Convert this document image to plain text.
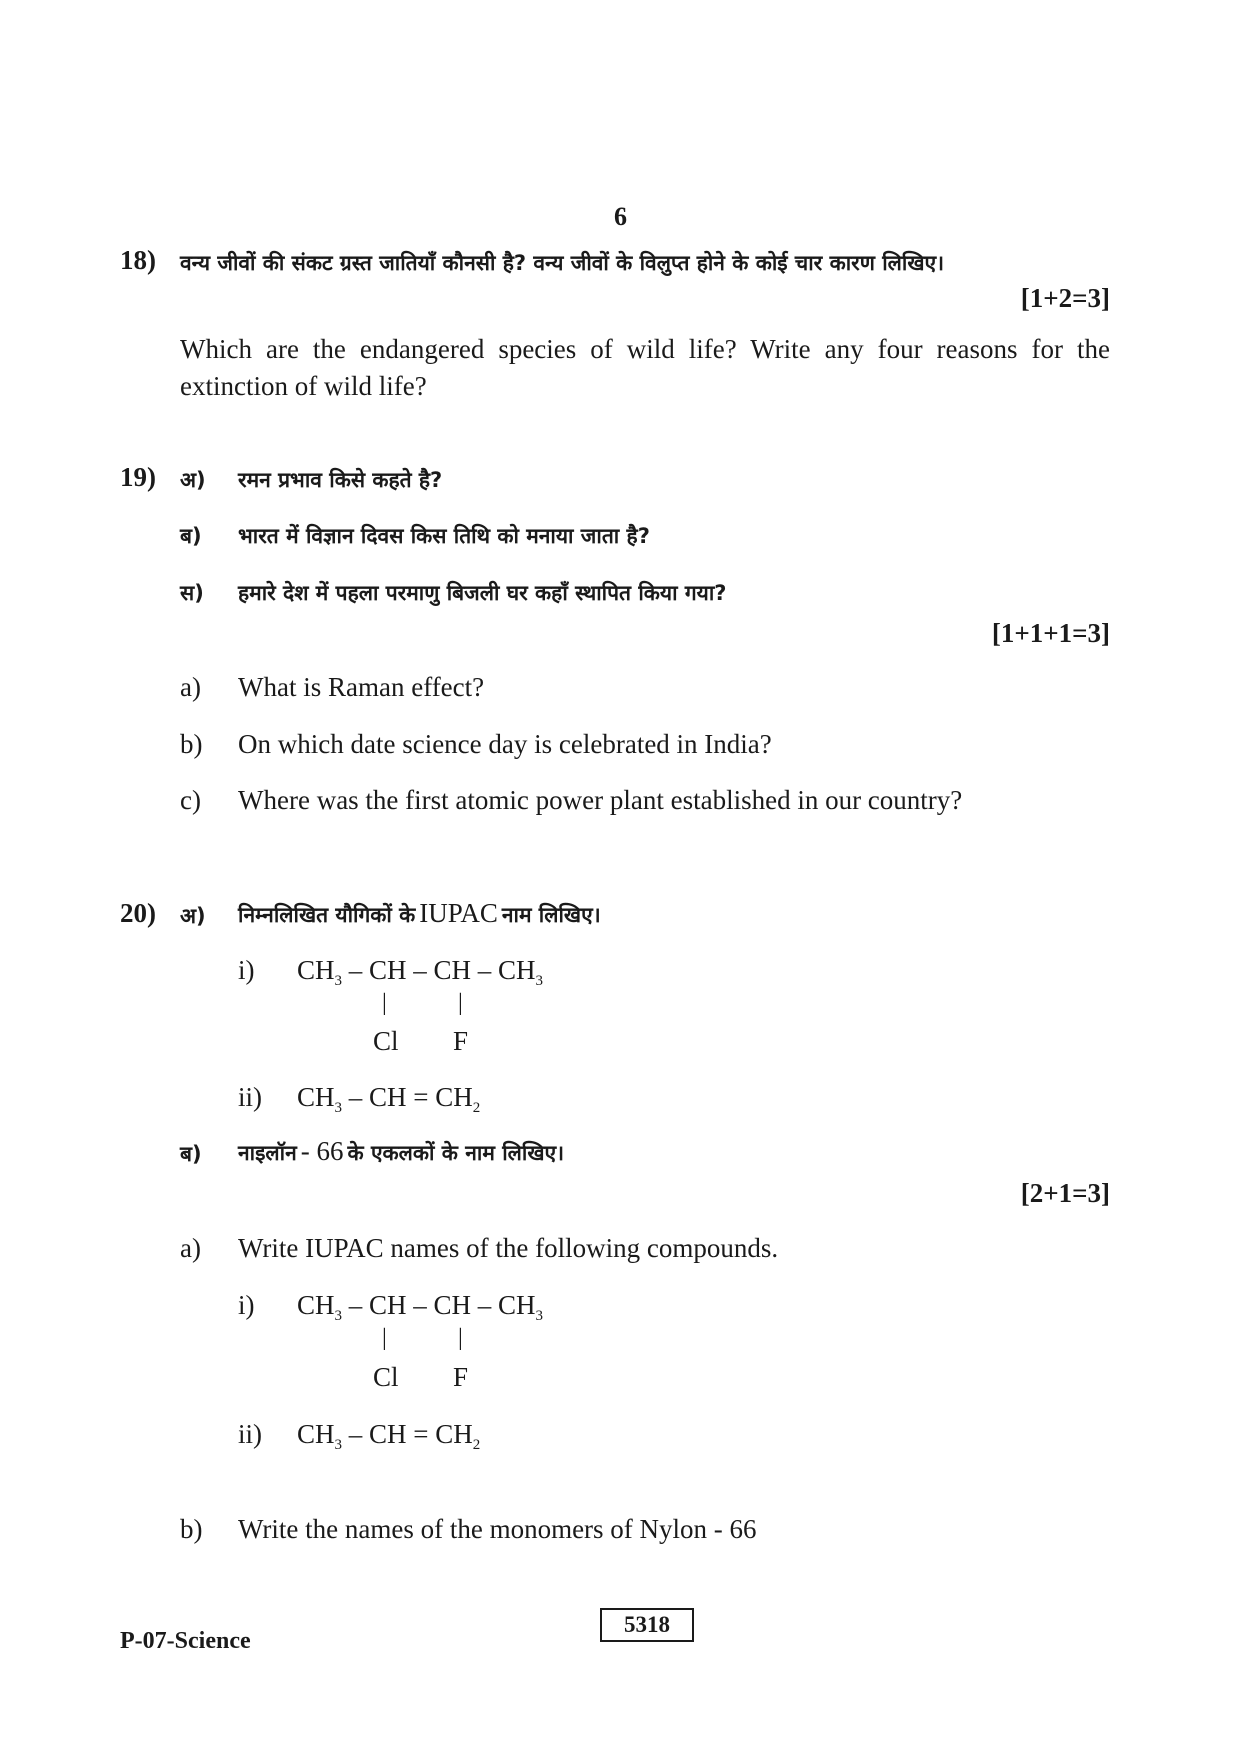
6
18) वन्य जीवों की संकट ग्रस्त जातियाँ कौनसी है? वन्य जीवों के विलुप्त होने के कोई चार कारण लिखिए।
[1+2=3]
Which are the endangered species of wild life? Write any four reasons for the extinction of wild life?
19) अ) रमन प्रभाव किसे कहते है?
ब) भारत में विज्ञान दिवस किस तिथि को मनाया जाता है?
स) हमारे देश में पहला परमाणु बिजली घर कहाँ स्थापित किया गया?
[1+1+1=3]
a) What is Raman effect?
b) On which date science day is celebrated in India?
c) Where was the first atomic power plant established in our country?
20) अ) निम्नलिखित यौगिकों के IUPAC नाम लिखिए।
i) $CH_3$ – CH – CH – $CH_3$
|	|
Cl F
ii) $CH_3$ – CH = $CH_2$
ब) नाइलॉन - 66 के एकलकों के नाम लिखिए।
[2+1=3]
a) Write IUPAC names of the following compounds.
i) $CH_3$ – CH – CH – $CH_3$
|	|
Cl F
ii) $CH_3$ – CH = $CH_2$
b) Write the names of the monomers of Nylon - 66
P-07-Science
5318
